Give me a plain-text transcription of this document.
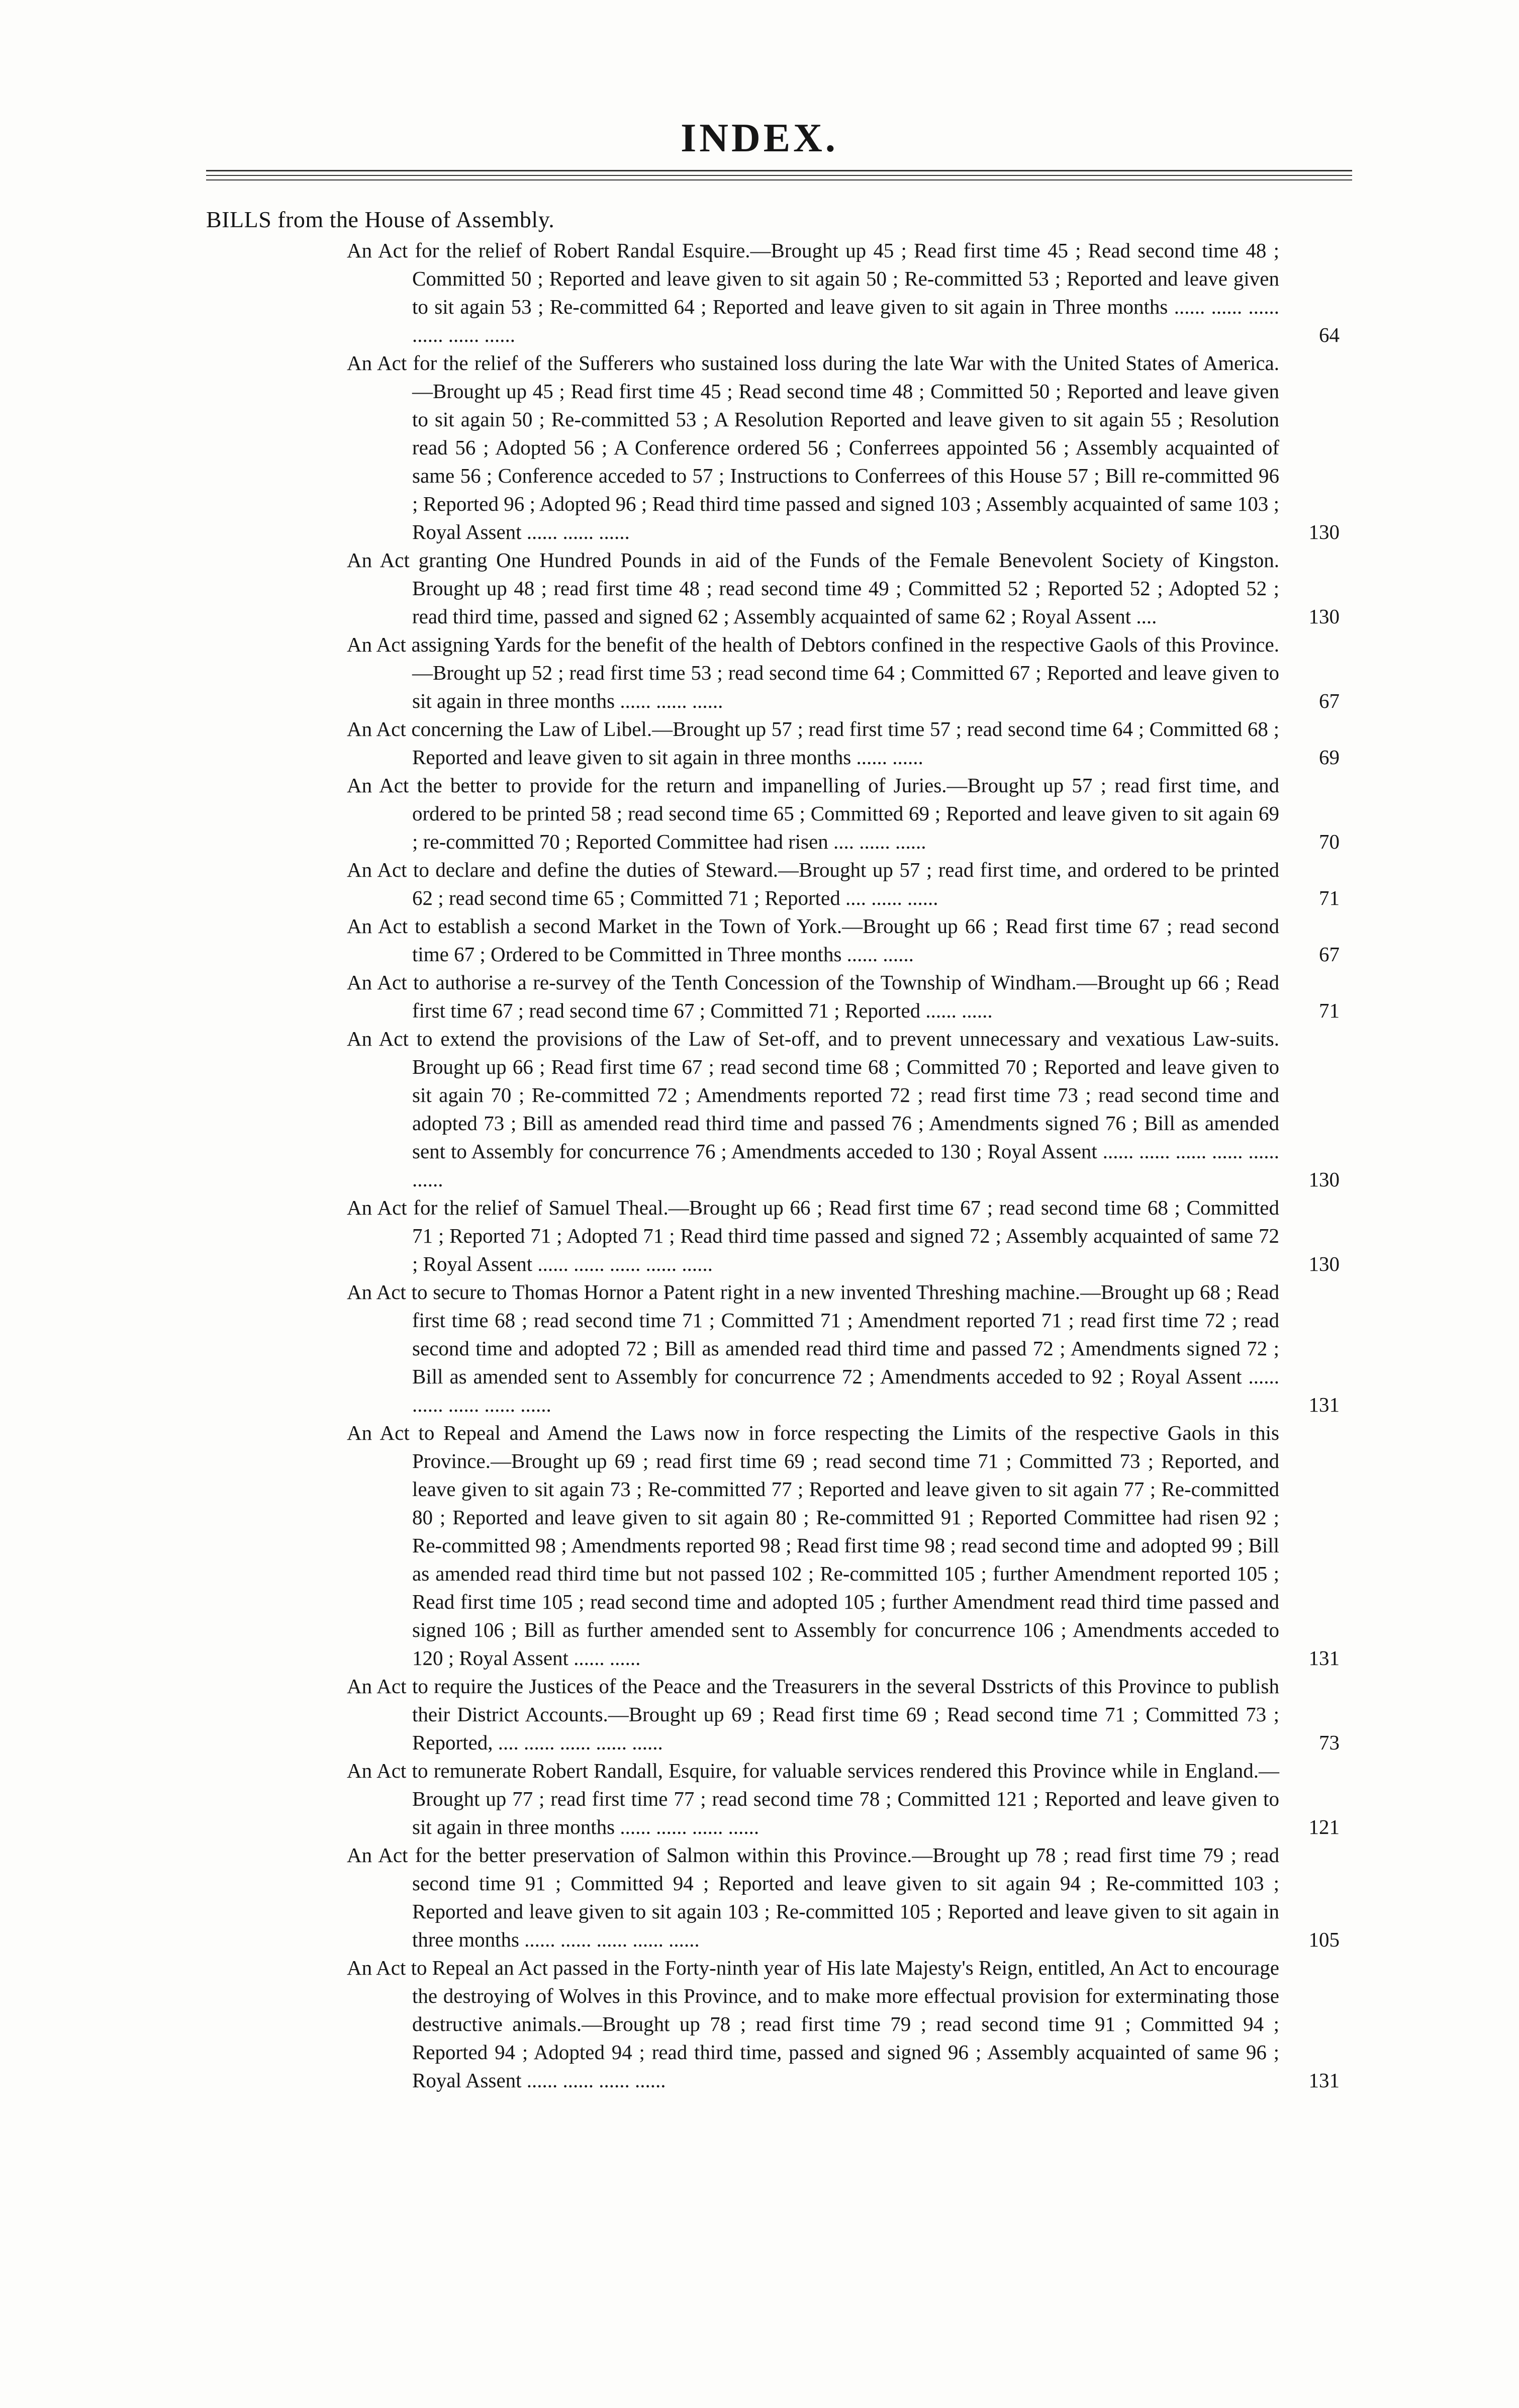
INDEX.
BILLS from the House of Assembly.
An Act for the relief of Robert Randal Esquire.—Brought up 45 ; Read first time 45 ; Read second time 48 ; Committed 50 ; Reported and leave given to sit again 50 ; Re-committed 53 ; Reported and leave given to sit again 53 ; Re-committed 64 ; Reported and leave given to sit again in Three months ...... ...... ...... ...... ...... ......	64
An Act for the relief of the Sufferers who sustained loss during the late War with the United States of America.—Brought up 45 ; Read first time 45 ; Read second time 48 ; Committed 50 ; Reported and leave given to sit again 50 ; Re-committed 53 ; A Resolution Reported and leave given to sit again 55 ; Resolution read 56 ; Adopted 56 ; A Conference ordered 56 ; Conferrees appointed 56 ; Assembly acquainted of same 56 ; Conference acceded to 57 ; Instructions to Conferrees of this House 57 ; Bill re-committed 96 ; Reported 96 ; Adopted 96 ; Read third time passed and signed 103 ; Assembly acquainted of same 103 ; Royal Assent ...... ...... ......	130
An Act granting One Hundred Pounds in aid of the Funds of the Female Benevolent Society of Kingston. Brought up 48 ; read first time 48 ; read second time 49 ; Committed 52 ; Reported 52 ; Adopted 52 ; read third time, passed and signed 62 ; Assembly acquainted of same 62 ; Royal Assent ....	130
An Act assigning Yards for the benefit of the health of Debtors confined in the respective Gaols of this Province.—Brought up 52 ; read first time 53 ; read second time 64 ; Committed 67 ; Reported and leave given to sit again in three months ...... ...... ......	67
An Act concerning the Law of Libel.—Brought up 57 ; read first time 57 ; read second time 64 ; Committed 68 ; Reported and leave given to sit again in three months ...... ......	69
An Act the better to provide for the return and impanelling of Juries.—Brought up 57 ; read first time, and ordered to be printed 58 ; read second time 65 ; Committed 69 ; Reported and leave given to sit again 69 ; re-committed 70 ; Reported Committee had risen .... ...... ......	70
An Act to declare and define the duties of Steward.—Brought up 57 ; read first time, and ordered to be printed 62 ; read second time 65 ; Committed 71 ; Reported .... ...... ......	71
An Act to establish a second Market in the Town of York.—Brought up 66 ; Read first time 67 ; read second time 67 ; Ordered to be Committed in Three months ...... ......	67
An Act to authorise a re-survey of the Tenth Concession of the Township of Windham.—Brought up 66 ; Read first time 67 ; read second time 67 ; Committed 71 ; Reported ...... ......	71
An Act to extend the provisions of the Law of Set-off, and to prevent unnecessary and vexatious Law-suits. Brought up 66 ; Read first time 67 ; read second time 68 ; Committed 70 ; Reported and leave given to sit again 70 ; Re-committed 72 ; Amendments reported 72 ; read first time 73 ; read second time and adopted 73 ; Bill as amended read third time and passed 76 ; Amendments signed 76 ; Bill as amended sent to Assembly for concurrence 76 ; Amendments acceded to 130 ; Royal Assent ...... ...... ...... ...... ...... ......	130
An Act for the relief of Samuel Theal.—Brought up 66 ; Read first time 67 ; read second time 68 ; Committed 71 ; Reported 71 ; Adopted 71 ; Read third time passed and signed 72 ; Assembly acquainted of same 72 ; Royal Assent ...... ...... ...... ...... ......	130
An Act to secure to Thomas Hornor a Patent right in a new invented Threshing machine.—Brought up 68 ; Read first time 68 ; read second time 71 ; Committed 71 ; Amendment reported 71 ; read first time 72 ; read second time and adopted 72 ; Bill as amended read third time and passed 72 ; Amendments signed 72 ; Bill as amended sent to Assembly for concurrence 72 ; Amendments acceded to 92 ; Royal Assent ...... ...... ...... ...... ......	131
An Act to Repeal and Amend the Laws now in force respecting the Limits of the respective Gaols in this Province.—Brought up 69 ; read first time 69 ; read second time 71 ; Committed 73 ; Reported, and leave given to sit again 73 ; Re-committed 77 ; Reported and leave given to sit again 77 ; Re-committed 80 ; Reported and leave given to sit again 80 ; Re-committed 91 ; Reported Committee had risen 92 ; Re-committed 98 ; Amendments reported 98 ; Read first time 98 ; read second time and adopted 99 ; Bill as amended read third time but not passed 102 ; Re-committed 105 ; further Amendment reported 105 ; Read first time 105 ; read second time and adopted 105 ; further Amendment read third time passed and signed 106 ; Bill as further amended sent to Assembly for concurrence 106 ; Amendments acceded to 120 ; Royal Assent ...... ......	131
An Act to require the Justices of the Peace and the Treasurers in the several Dsstricts of this Province to publish their District Accounts.—Brought up 69 ; Read first time 69 ; Read second time 71 ; Committed 73 ; Reported, .... ...... ...... ...... ......	73
An Act to remunerate Robert Randall, Esquire, for valuable services rendered this Province while in England.—Brought up 77 ; read first time 77 ; read second time 78 ; Committed 121 ; Reported and leave given to sit again in three months ...... ...... ...... ......	121
An Act for the better preservation of Salmon within this Province.—Brought up 78 ; read first time 79 ; read second time 91 ; Committed 94 ; Reported and leave given to sit again 94 ; Re-committed 103 ; Reported and leave given to sit again 103 ; Re-committed 105 ; Reported and leave given to sit again in three months ...... ...... ...... ...... ......	105
An Act to Repeal an Act passed in the Forty-ninth year of His late Majesty's Reign, entitled, An Act to encourage the destroying of Wolves in this Province, and to make more effectual provision for exterminating those destructive animals.—Brought up 78 ; read first time 79 ; read second time 91 ; Committed 94 ; Reported 94 ; Adopted 94 ; read third time, passed and signed 96 ; Assembly acquainted of same 96 ; Royal Assent ...... ...... ...... ......	131
